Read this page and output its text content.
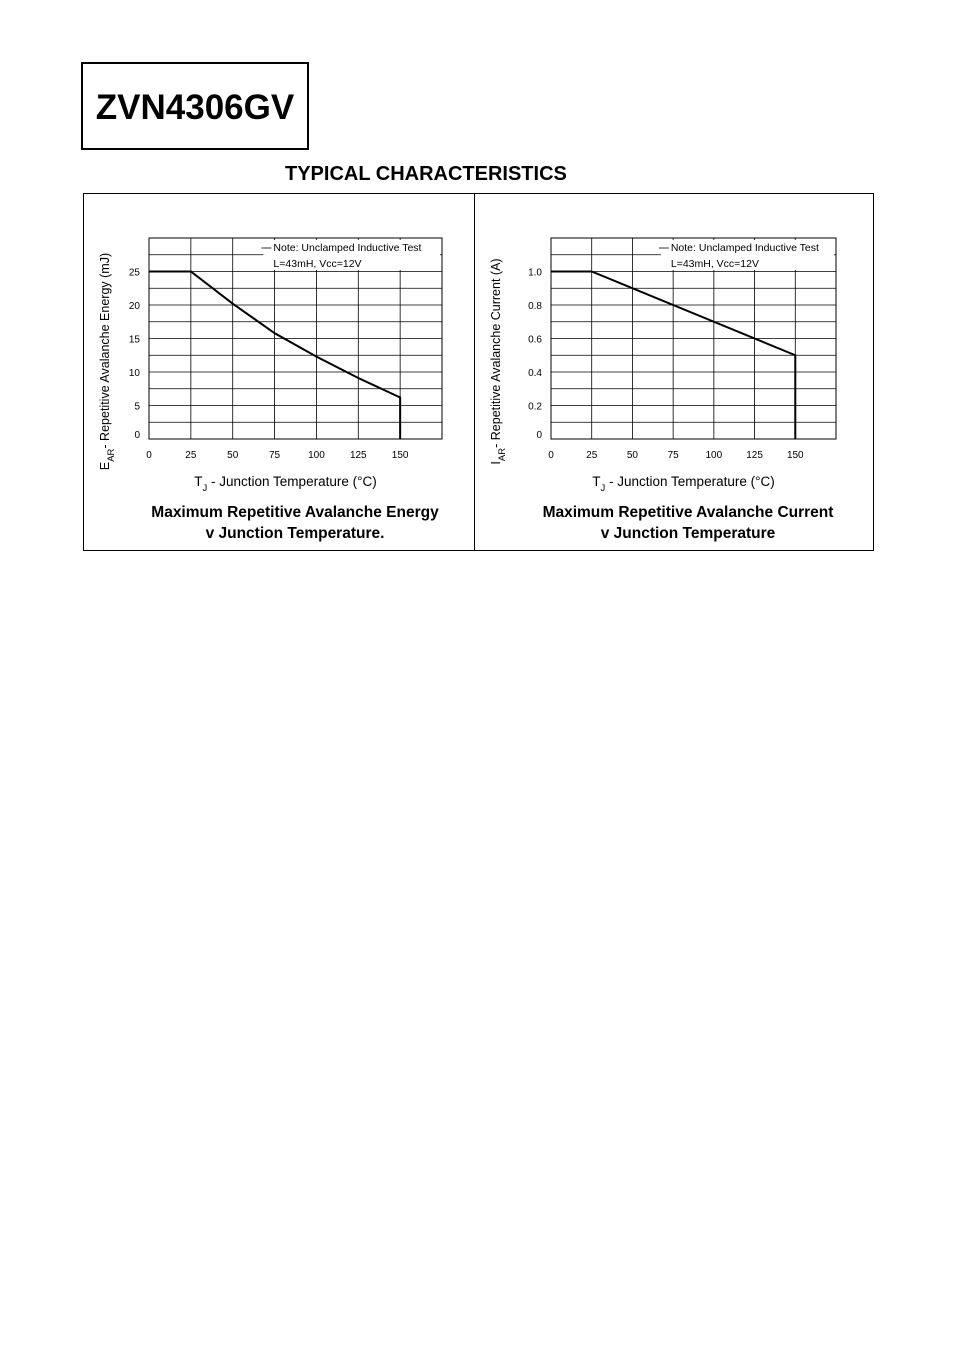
ZVN4306GV
TYPICAL CHARACTERISTICS
Note: Unclamped Inductive Test
L=43mH, Vcc=12V
0	25	50	75	100	125	150
0
5
10
15
20
25
$T_J$ - Junction Temperature (°C)
$E_{AR}-$ Repetitive Avalanche Energy (mJ)
Maximum Repetitive Avalanche Energy
v Junction Temperature.
Note: Unclamped Inductive Test
L=43mH, Vcc=12V
0	25	50	75	100 125 150
0
0.2
0.4
0.6
0.8
1.0
$T_J$ - Junction Temperature (°C)
$I_{AR}-$ Repetitive Avalanche Current (A)
Maximum Repetitive Avalanche Current
v Junction Temperature
